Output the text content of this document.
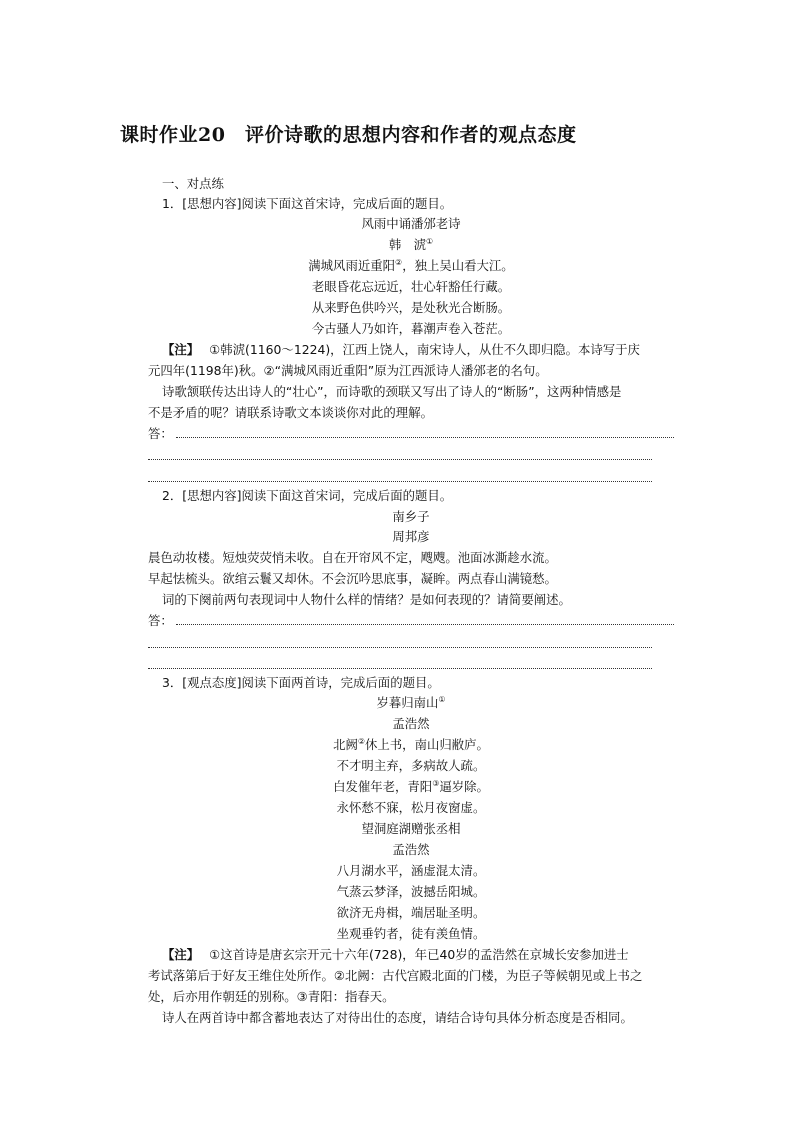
课时作业20　评价诗歌的思想内容和作者的观点态度
一、对点练
1．[思想内容]阅读下面这首宋诗，完成后面的题目。
风雨中诵潘邠老诗
韩　淲①
满城风雨近重阳②，独上吴山看大江。
老眼昏花忘远近，壮心轩豁任行藏。
从来野色供吟兴，是处秋光合断肠。
今古骚人乃如许，暮潮声卷入苍茫。
【注】 ①韩淲(1160～1224)，江西上饶人，南宋诗人，从仕不久即归隐。本诗写于庆
元四年(1198年)秋。②“满城风雨近重阳”原为江西派诗人潘邠老的名句。
诗歌颔联传达出诗人的“壮心”，而诗歌的颈联又写出了诗人的“断肠”，这两种情感是
不是矛盾的呢？请联系诗歌文本谈谈你对此的理解。
答：
2．[思想内容]阅读下面这首宋词，完成后面的题目。
南乡子
周邦彦
晨色动妆楼。短烛荧荧悄未收。自在开帘风不定，飕飕。池面冰澌趁水流。
早起怯梳头。欲绾云鬟又却休。不会沉吟思底事，凝眸。两点春山满镜愁。
词的下阕前两句表现词中人物什么样的情绪？是如何表现的？请简要阐述。
答：
3．[观点态度]阅读下面两首诗，完成后面的题目。
岁暮归南山①
孟浩然
北阙②休上书，南山归敝庐。
不才明主弃，多病故人疏。
白发催年老，青阳③逼岁除。
永怀愁不寐，松月夜窗虚。
望洞庭湖赠张丞相
孟浩然
八月湖水平，涵虚混太清。
气蒸云梦泽，波撼岳阳城。
欲济无舟楫，端居耻圣明。
坐观垂钓者，徒有羡鱼情。
【注】 ①这首诗是唐玄宗开元十六年(728)，年已40岁的孟浩然在京城长安参加进士
考试落第后于好友王维住处所作。②北阙：古代宫殿北面的门楼，为臣子等候朝见或上书之
处，后亦用作朝廷的别称。③青阳：指春天。
诗人在两首诗中都含蓄地表达了对待出仕的态度，请结合诗句具体分析态度是否相同。
